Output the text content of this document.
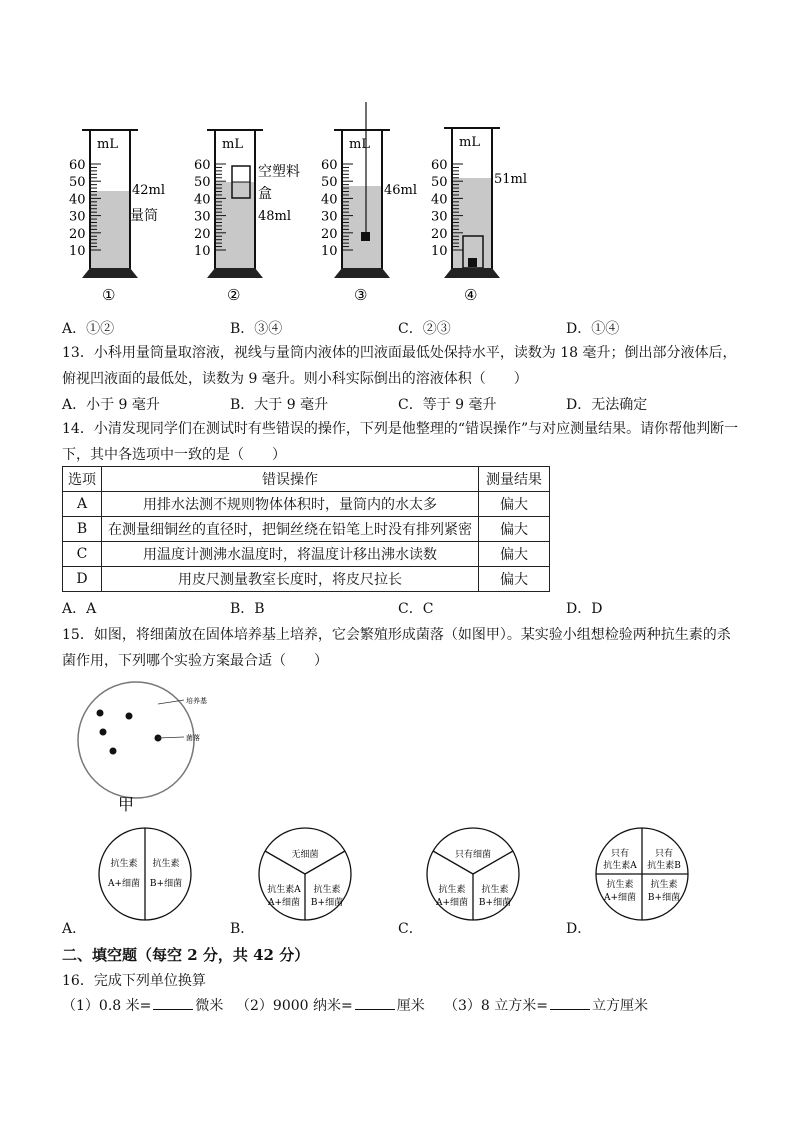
mL
42ml
量筒
①
mL
空塑料
盒
48ml
②
mL
46ml
③
mL
51ml
④
60
50
40
30
20
10
60
50
40
30
20
10
60
50
40
30
20
10
60
50
40
30
20
10
A．①②	B．③④	C．②③	D．①④
13．小科用量筒量取溶液，视线与量筒内液体的凹液面最低处保持水平，读数为 18 毫升；倒出部分液体后，俯视凹液面的最低处，读数为 9 毫升。则小科实际倒出的溶液体积（　　）
A．小于 9 毫升	B．大于 9 毫升	C．等于 9 毫升	D．无法确定
14．小清发现同学们在测试时有些错误的操作，下列是他整理的“错误操作”与对应测量结果。请你帮他判断一下，其中各选项中一致的是（　　）
选项	错误操作	测量结果
A	用排水法测不规则物体体积时，量筒内的水太多	偏大
B	在测量细铜丝的直径时，把铜丝绕在铅笔上时没有排列紧密	偏大
C	用温度计测沸水温度时，将温度计移出沸水读数	偏大
D	用皮尺测量教室长度时，将皮尺拉长	偏大
A．A	B．B	C．C	D．D
15．如图，将细菌放在固体培养基上培养，它会繁殖形成菌落（如图甲）。某实验小组想检验两种抗生素的杀菌作用，下列哪个实验方案最合适（　　）
培养基
菌落
甲
抗生素
A+细菌
抗生素
B+细菌
无细菌
抗生素A
A+细菌
抗生素
B+细菌
只有细菌
抗生素
A+细菌
抗生素
B+细菌
只有
抗生素A
只有
抗生素B
抗生素
A+细菌
抗生素
B+细菌
A．	B．	C．	D．
二、填空题（每空 2 分，共 42 分）
16．完成下列单位换算
（1）0.8 米=	微米 （2）9000 纳米=	厘米 （3）8 立方米=	立方厘米
